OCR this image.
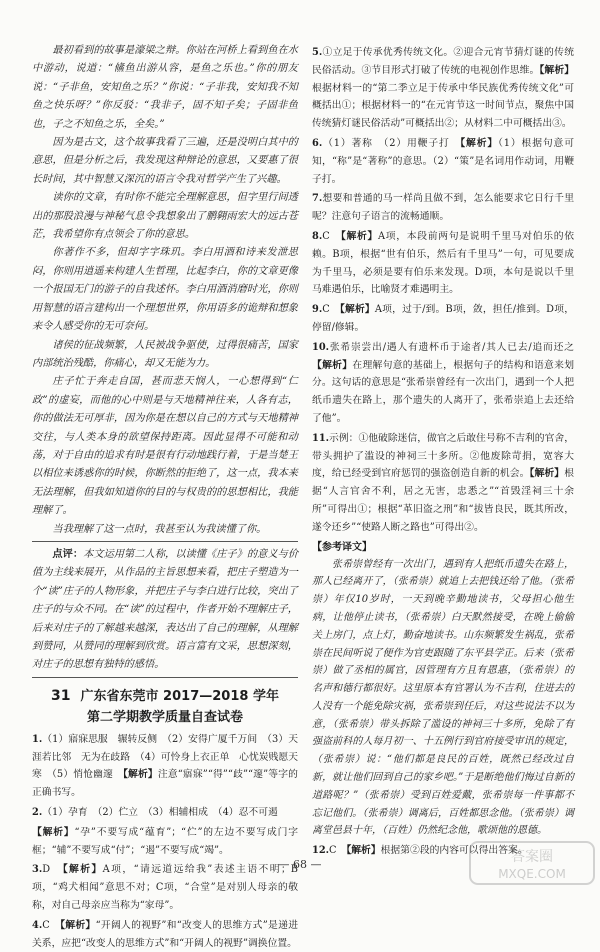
最初看到的故事是濠梁之辩。你站在河桥上看到鱼在水中游动，说道：“鯈鱼出游从容，是鱼之乐也。”你的朋友说：“子非鱼，安知鱼之乐？”你说：“子非我，安知我不知鱼之快乐呀？”你反驳：“我非子，固不知子矣；子固非鱼也，子之不知鱼之乐，全矣。”

因为是古文，这个故事我看了三遍，还是没明白其中的意思，但是分析之后，我发现这种辩论的意思，又要惠了很长时间，其中智慧又深沉的语言令我对哲学产生了兴趣。

读你的文章，有时你不能完全理解意思，但字里行间透出的那股浪漫与神秘气息令我想象出了鹏翱雨宏大的远古苍茫，我希望你有点领会了你的意思。

你著作不多，但却字字珠玑。李白用酒和诗来发泄思闷，你则用逍遥来构建人生哲理，比起李白，你的文章更像一个报国无门的游子的自我述怀。李白用酒消磨时光，你则用智慧的语言建构出一个理想世界，你用语多的诡辩和想象来令人感受你的无可奈何。

诸侯的征战频繁，人民被战争驱使，过得很痛苦，国家内部统治残酷，你痛心，却又无能为力。

庄子忙于奔走自国，甚而悲天悯人，一心想得到“仁政”的虚妄，而他的心中则是与天地精神往来，人各有志，你的做法无可厚非，因为你是在想以自己的方式与天地精神交往，与人类本身的欲望保持距离。因此显得不可能和动荡，对于自由的追求有时是很有行动地践行着，于是当楚王以相位来诱惑你的时候，你断然的拒绝了，这一点，我本来无法理解，但我如知道你的目的与权贵的的思想相比，我能理解了。

当我理解了这一点时，我甚至认为我读懂了你。

点评：本文运用第二人称，以读懂《庄子》的意义与价值为主线来展开，从作品的主旨思想来看，把庄子塑造为一个“读”庄子的人物形象，并把庄子与李白进行比较，突出了庄子的与众不同。在“读”的过程中，作者开始不理解庄子，后来对庄子的了解越来越深，表达出了自己的理解，从理解到赞同，从赞同的理解到欣赏。语言富有文采，思想深刻，对庄子的思想有独特的感悟。
31 广东省东莞市 2017—2018 学年
第二学期教学质量自查试卷
1.（1）寤寐思服　辗转反侧　（2）安得广厦千万间　（3）天涯若比邻　无为在歧路　（4）可怜身上衣正单　心忧炭贱愿天寒　（5）悄怆幽邃　【解析】注意“寤寐”“得”“歧”“邃”等字的正确书写。
2.（1）孕育　（2）伫立　（3）相辅相成　（4）忍不可遏
【解析】“孕”不要写成“蕴育”；“伫”的左边不要写成门字框；“辅”不要写成“付”；“遏”不要写成“竭”。
3.D　【解析】A项，“请远道远给我”表述主语不明；B项，“鸡犬相闻”意思不对；C项，“合堂”是对别人母亲的敬称，对自己母亲应当称为“家母”。
4.C　【解析】“开阔人的视野”和“改变人的思维方式”是递进关系，应把“改变人的思维方式”和“开阔人的视野”调换位置。
5.①立足于传承优秀传统文化。②迎合元宵节猜灯谜的传统民俗活动。③节目形式打破了传统的电视创作思维。【解析】根据材料一的“第二季立足于传承中华民族优秀传统文化”可概括出①；根据材料一的“在元宵节这一时间节点，聚焦中国传统猜灯谜民俗活动”可概括出②；从材料二中可概括出③。
6.（1）著称　（2）用鞭子打　【解析】（1）根据句意可知，“称”是“著称”的意思。（2）“策”是名词用作动词，用鞭子打。
7.想要和普通的马一样尚且做不到，怎么能要求它日行千里呢？注意句子语言的流畅通顺。
8.C　【解析】A项，本段前两句是说明千里马对伯乐的依赖。B项，根据“世有伯乐，然后有千里马”一句，可见要成为千里马，必须是要有伯乐来发现。D项，本句是说以千里马难遇伯乐，比喻贤才难遇明主。
9.C　【解析】A项，过于/到。B项，敛，担任/推到。D项，停留/修辑。
10.张希崇尝出/遇人有遗杯币于途者/其人已去/追而还之　【解析】在理解句意的基础上，根据句子的结构和语意来划分。这句话的意思是“张希崇曾经有一次出门，遇到一个人把纸币遗失在路上，那个遗失的人离开了，张希崇追上去还给了他”。
11.示例：①他破除迷信，做官之后敢住号称不吉利的官舍，带头拥护了滥设的神祠三十多所。②他废除苛捐，宽容大度，给已经受到官府惩罚的强盗创造自新的机会。【解析】根据“人言官舍不利，居之无害，忠悉之”“首毁淫祠三十余所”可得出①；根据“革旧盗之刑”和“拔皆良民，既其所改，遂令还乡”“使路人断之路也”可得出②。
【参考译文】

张希崇曾经有一次出门，遇到有人把纸币遗失在路上，那人已经离开了，（张希崇）就追上去把钱还给了他。（张希崇）年仅10岁时，一天到晚辛勤地读书，父母担心他生病，让他停止读书，（张希崇）白天默然接受，在晚上偷偷关上房门，点上灯，勤奋地读书。山东频繁发生祸乱，张希崇在民间听说了便作为官吏跟随了东平县学正。后来（张希崇）做了丞相的属官，因管理有方且有恩惠，（张希崇）的名声和德行都很好。这里原本有官署认为不吉利，住进去的人没有一个能免除灾祸，张希崇到任后，对这些说法不以为意，（张希崇）带头拆除了滥设的神祠三十多所，免除了有强盗前科的人每月初一、十五例行到官府接受审讯的规定，（张希崇）说：“他们都是良民的百姓，既然已经改过自新，就让他们回到自己的家乡吧。”于是断绝他们悔过自新的道路呢？”（张希崇）受到百姓爱戴，张希崇每一件事都不忘记他们。（张希崇）调离后，百姓都思念他。（张希崇）调离堂邑县十年，（百姓）仍然纪念他，歌颂他的恩德。

12.C　【解析】根据第②段的内容可以得出答案。
— 68 —	答案圈
MXQE.COM
